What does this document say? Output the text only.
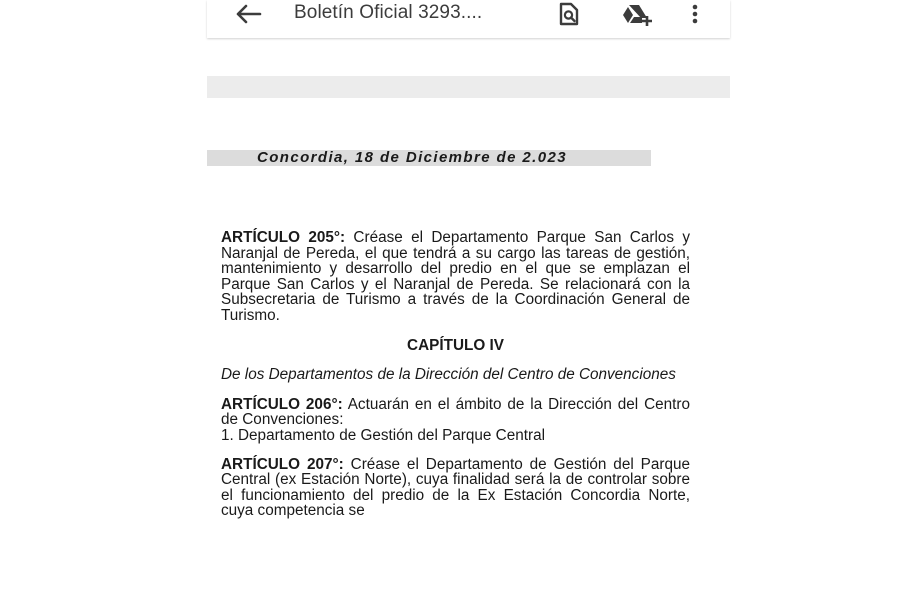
Boletín Oficial 3293....
Concordia, 18 de Diciembre de 2.023

ARTÍCULO 205°: Créase el Departamento Parque San Carlos y Naranjal de Pereda, el que tendrá a su cargo las tareas de gestión, mantenimiento y desarrollo del predio en el que se emplazan el Parque San Carlos y el Naranjal de Pereda. Se relacionará con la Subsecretaria de Turismo a través de la Coordinación General de Turismo.

CAPÍTULO IV

De los Departamentos de la Dirección del Centro de Convenciones

ARTÍCULO 206°: Actuarán en el ámbito de la Dirección del Centro de Convenciones:
1. Departamento de Gestión del Parque Central

ARTÍCULO 207°: Créase el Departamento de Gestión del Parque Central (ex Estación Norte), cuya finalidad será la de controlar sobre el funcionamiento del predio de la Ex Estación Concordia Norte, cuya competencia se
